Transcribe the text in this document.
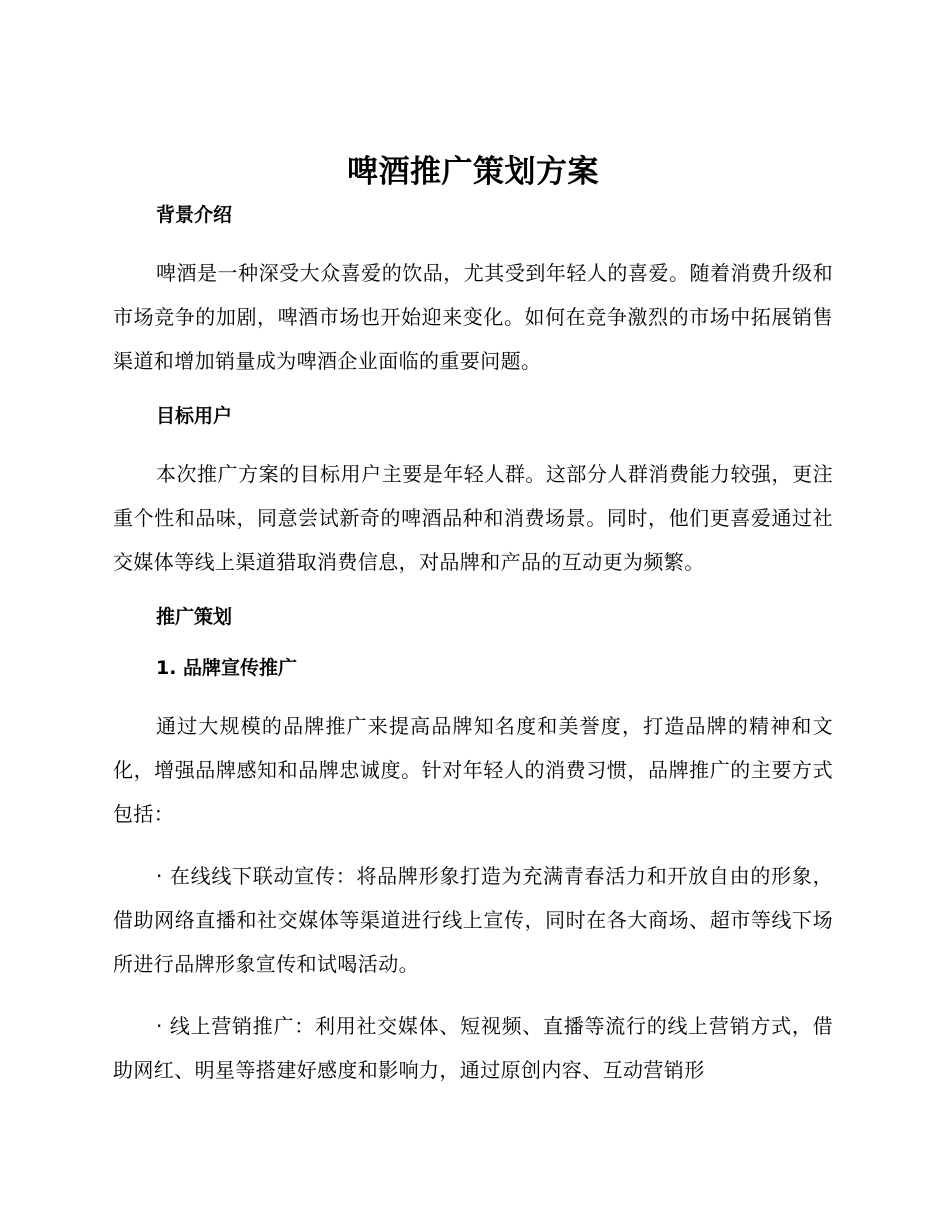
啤酒推广策划方案
背景介绍

啤酒是一种深受大众喜爱的饮品，尤其受到年轻人的喜爱。随着消费升级和市场竞争的加剧，啤酒市场也开始迎来变化。如何在竞争激烈的市场中拓展销售渠道和增加销量成为啤酒企业面临的重要问题。

目标用户

本次推广方案的目标用户主要是年轻人群。这部分人群消费能力较强，更注重个性和品味，同意尝试新奇的啤酒品种和消费场景。同时，他们更喜爱通过社交媒体等线上渠道猎取消费信息，对品牌和产品的互动更为频繁。

推广策划
1. 品牌宣传推广

通过大规模的品牌推广来提高品牌知名度和美誉度，打造品牌的精神和文化，增强品牌感知和品牌忠诚度。针对年轻人的消费习惯，品牌推广的主要方式包括：

· 在线线下联动宣传：将品牌形象打造为充满青春活力和开放自由的形象，借助网络直播和社交媒体等渠道进行线上宣传，同时在各大商场、超市等线下场所进行品牌形象宣传和试喝活动。

· 线上营销推广：利用社交媒体、短视频、直播等流行的线上营销方式，借助网红、明星等搭建好感度和影响力，通过原创内容、互动营销形
